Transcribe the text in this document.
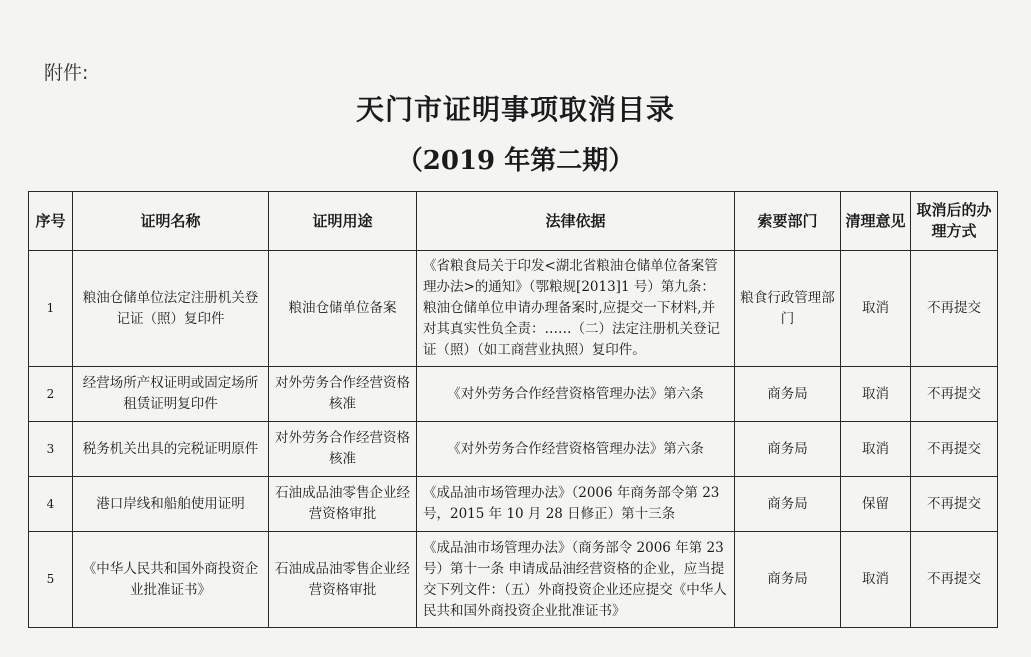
附件:
天门市证明事项取消目录
（2019 年第二期）
序号	证明名称	证明用途	法律依据	索要部门	清理意见	取消后的办理方式
1	粮油仓储单位法定注册机关登记证（照）复印件	粮油仓储单位备案	《省粮食局关于印发<湖北省粮油仓储单位备案管理办法>的通知》（鄂粮规[2013]1 号）第九条：粮油仓储单位申请办理备案时,应提交一下材料,并对其真实性负全责：……（二）法定注册机关登记证（照）（如工商营业执照）复印件。	粮食行政管理部门	取消	不再提交
2	经营场所产权证明或固定场所租赁证明复印件	对外劳务合作经营资格核准	《对外劳务合作经营资格管理办法》第六条	商务局	取消	不再提交
3	税务机关出具的完税证明原件	对外劳务合作经营资格核准	《对外劳务合作经营资格管理办法》第六条	商务局	取消	不再提交
4	港口岸线和船舶使用证明	石油成品油零售企业经营资格审批	《成品油市场管理办法》（2006 年商务部令第 23 号，2015 年 10 月 28 日修正）第十三条	商务局	保留	不再提交
5	《中华人民共和国外商投资企业批准证书》	石油成品油零售企业经营资格审批	《成品油市场管理办法》（商务部令 2006 年第 23 号）第十一条 申请成品油经营资格的企业，应当提交下列文件：（五）外商投资企业还应提交《中华人民共和国外商投资企业批准证书》	商务局	取消	不再提交
